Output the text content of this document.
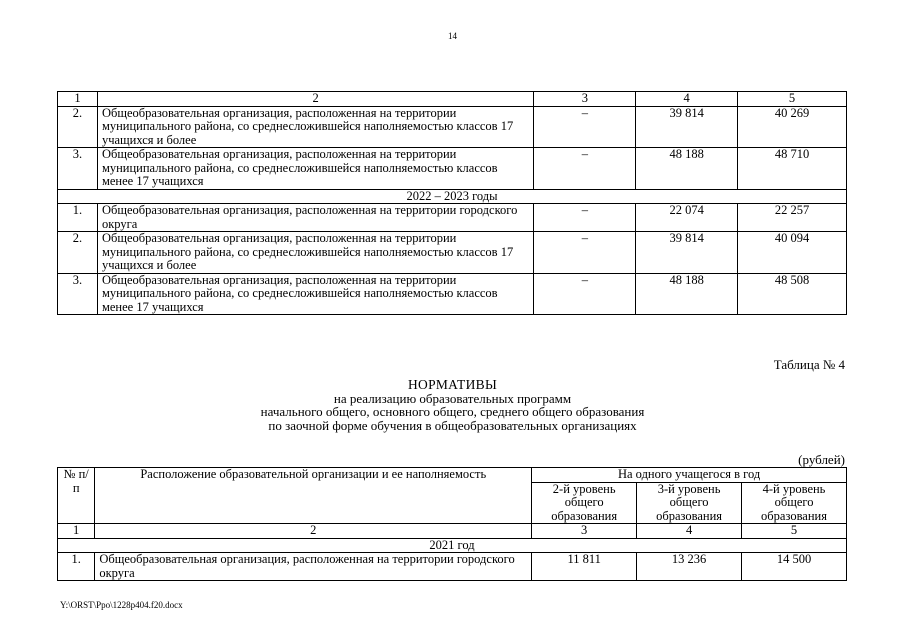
14
1	2	3	4	5
2.	Общеобразовательная организация, расположенная на территории муниципального района, со среднесложившейся наполняемостью классов 17 учащихся и более	–	39 814	40 269
3.	Общеобразовательная организация, расположенная на территории муниципального района, со среднесложившейся наполняемостью классов менее 17 учащихся	–	48 188	48 710
2022 – 2023 годы				
1.	Общеобразовательная организация, расположенная на территории городского округа	–	22 074	22 257
2.	Общеобразовательная организация, расположенная на территории муниципального района, со среднесложившейся наполняемостью классов 17 учащихся и более	–	39 814	40 094
3.	Общеобразовательная организация, расположенная на территории муниципального района, со среднесложившейся наполняемостью классов менее 17 учащихся	–	48 188	48 508
Таблица № 4
НОРМАТИВЫ
на реализацию образовательных программ
начального общего, основного общего, среднего общего образования
по заочной форме обучения в общеобразовательных организациях
(рублей)
№ п/п	Расположение образовательной организации и ее наполняемость	На одного учащегося в год		
		2-й уровень общего образования	3-й уровень общего образования	4-й уровень общего образования
1	2	3	4	5
2021 год				
1.	Общеобразовательная организация, расположенная на территории городского округа	11 811	13 236	14 500
Y:\ORST\Ppo\1228p404.f20.docx
